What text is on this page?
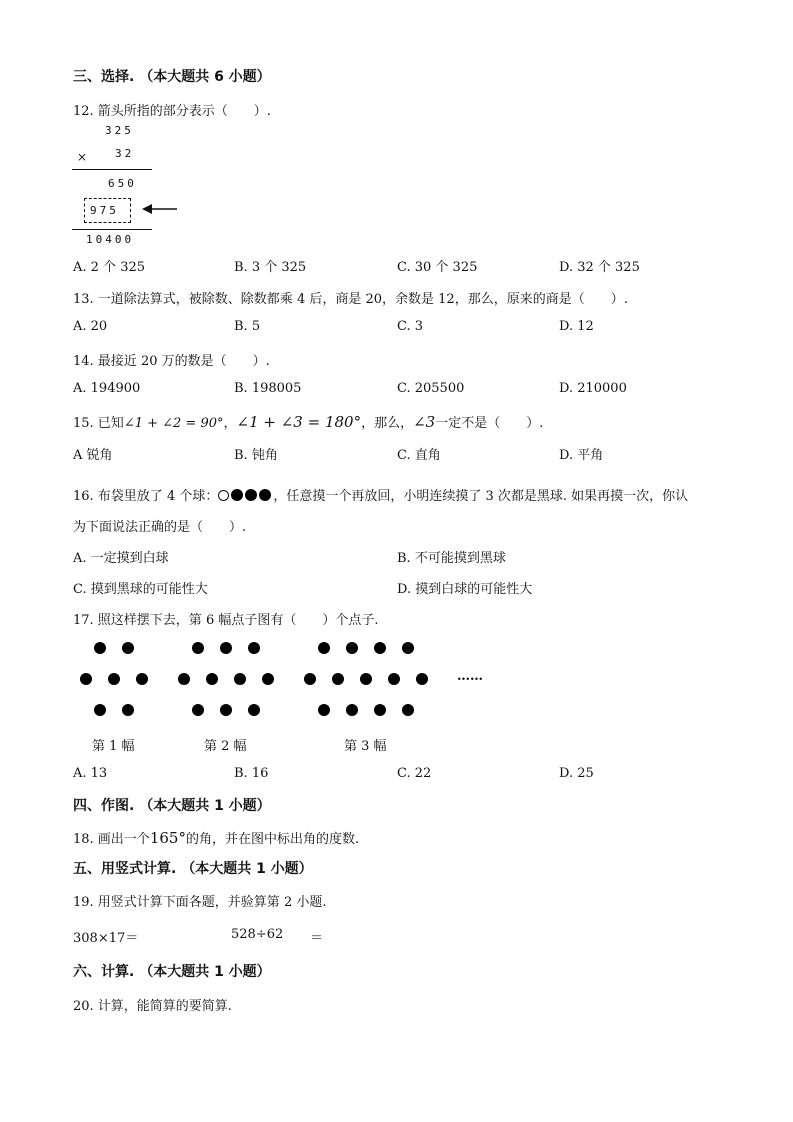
三、选择. （本大题共 6 小题）
12. 箭头所指的部分表示（　　）.
325
×	32
650
975
10400
A. 2 个 325	B. 3 个 325	C. 30 个 325	D. 32 个 325
13. 一道除法算式，被除数、除数都乘 4 后，商是 20，余数是 12，那么，原来的商是（　　）.
A. 20	B. 5	C. 3	D. 12
14. 最接近 20 万的数是（　　）.
A. 194900	B. 198005	C. 205500	D. 210000
15. 已知∠1 + ∠2 = 90°，∠1 + ∠3 = 180°，那么，∠3一定不是（　　）.
A 锐角	B. 钝角	C. 直角	D. 平角
16. 布袋里放了 4 个球：	，任意摸一个再放回，小明连续摸了 3 次都是黑球. 如果再摸一次，你认
为下面说法正确的是（　　）.
A. 一定摸到白球	B. 不可能摸到黑球
C. 摸到黑球的可能性大	D. 摸到白球的可能性大
17. 照这样摆下去，第 6 幅点子图有（　　）个点子.
……
第 1 幅	第 2 幅	第 3 幅
A. 13	B. 16	C. 22	D. 25
四、作图. （本大题共 1 小题）
18. 画出一个165°的角，并在图中标出角的度数.
五、用竖式计算. （本大题共 1 小题）
19. 用竖式计算下面各题，并验算第 2 小题.
308×17＝	528÷62 ＝
六、计算. （本大题共 1 小题）
20. 计算，能简算的要简算.
